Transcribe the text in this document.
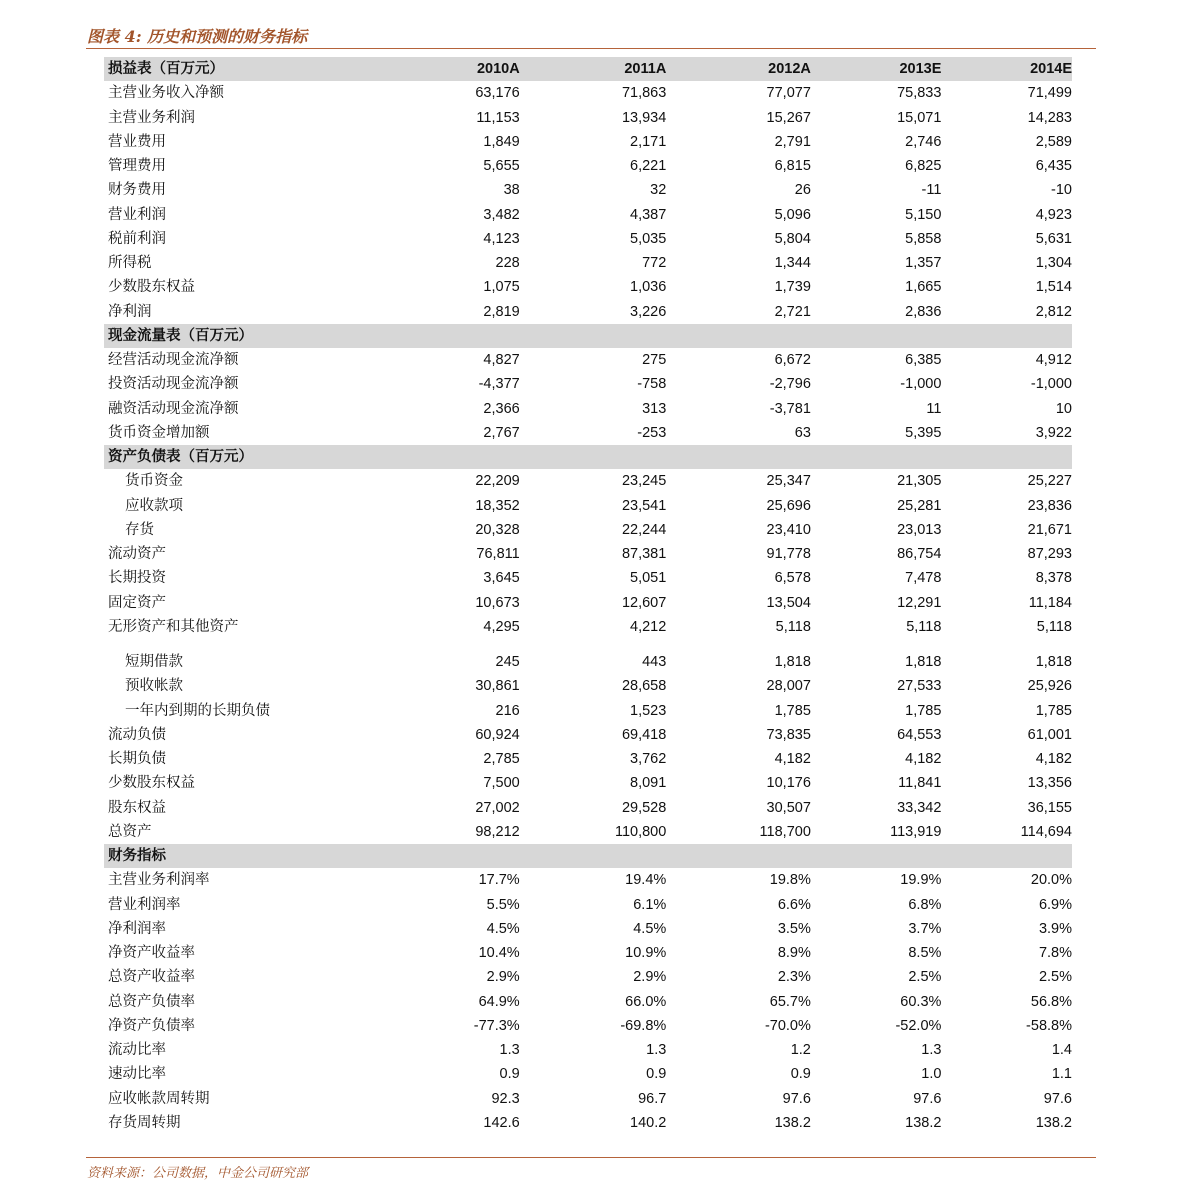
图表 4: 历史和预测的财务指标
损益表（百万元）	2010A	2011A	2012A	2013E	2014E
主营业务收入净额	63,176	71,863	77,077	75,833	71,499
主营业务利润	11,153	13,934	15,267	15,071	14,283
营业费用	1,849	2,171	2,791	2,746	2,589
管理费用	5,655	6,221	6,815	6,825	6,435
财务费用	38	32	26	-11	-10
营业利润	3,482	4,387	5,096	5,150	4,923
税前利润	4,123	5,035	5,804	5,858	5,631
所得税	228	772	1,344	1,357	1,304
少数股东权益	1,075	1,036	1,739	1,665	1,514
净利润	2,819	3,226	2,721	2,836	2,812
现金流量表（百万元）					
经营活动现金流净额	4,827	275	6,672	6,385	4,912
投资活动现金流净额	-4,377	-758	-2,796	-1,000	-1,000
融资活动现金流净额	2,366	313	-3,781	11	10
货币资金增加额	2,767	-253	63	5,395	3,922
资产负债表（百万元）					
货币资金	22,209	23,245	25,347	21,305	25,227
应收款项	18,352	23,541	25,696	25,281	23,836
存货	20,328	22,244	23,410	23,013	21,671
流动资产	76,811	87,381	91,778	86,754	87,293
长期投资	3,645	5,051	6,578	7,478	8,378
固定资产	10,673	12,607	13,504	12,291	11,184
无形资产和其他资产	4,295	4,212	5,118	5,118	5,118

短期借款	245	443	1,818	1,818	1,818
预收帐款	30,861	28,658	28,007	27,533	25,926
一年内到期的长期负债	216	1,523	1,785	1,785	1,785
流动负债	60,924	69,418	73,835	64,553	61,001
长期负债	2,785	3,762	4,182	4,182	4,182
少数股东权益	7,500	8,091	10,176	11,841	13,356
股东权益	27,002	29,528	30,507	33,342	36,155
总资产	98,212	110,800	118,700	113,919	114,694
财务指标					
主营业务利润率	17.7%	19.4%	19.8%	19.9%	20.0%
营业利润率	5.5%	6.1%	6.6%	6.8%	6.9%
净利润率	4.5%	4.5%	3.5%	3.7%	3.9%
净资产收益率	10.4%	10.9%	8.9%	8.5%	7.8%
总资产收益率	2.9%	2.9%	2.3%	2.5%	2.5%
总资产负债率	64.9%	66.0%	65.7%	60.3%	56.8%
净资产负债率	-77.3%	-69.8%	-70.0%	-52.0%	-58.8%
流动比率	1.3	1.3	1.2	1.3	1.4
速动比率	0.9	0.9	0.9	1.0	1.1
应收帐款周转期	92.3	96.7	97.6	97.6	97.6
存货周转期	142.6	140.2	138.2	138.2	138.2
资料来源：公司数据，中金公司研究部
